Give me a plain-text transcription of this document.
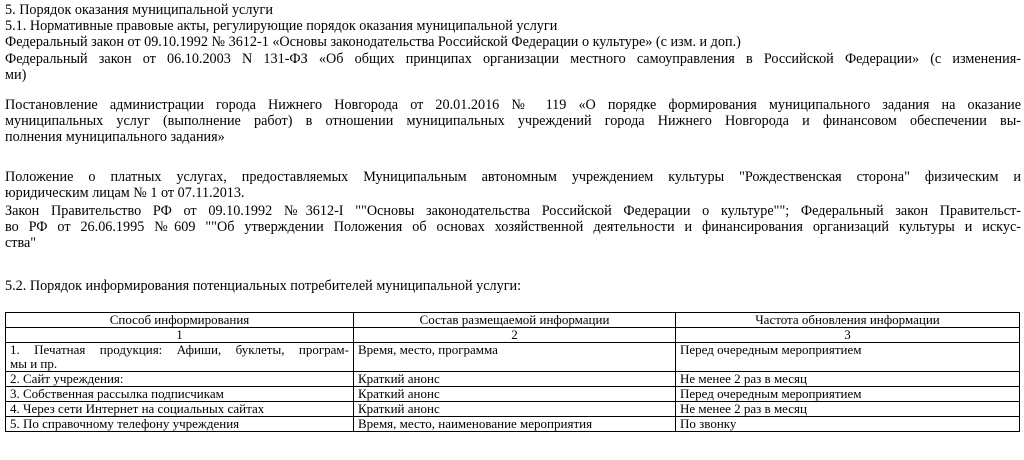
5. Порядок оказания муниципальной услуги
5.1. Нормативные правовые акты, регулирующие порядок оказания муниципальной услуги
Федеральный закон от 09.10.1992 № 3612-1 «Основы законодательства Российской Федерации о культуре» (с изм. и доп.)
Федеральный закон от 06.10.2003 N 131-ФЗ «Об общих принципах организации местного самоуправления в Российской Федерации» (с изменения-
ми)
Постановление администрации города Нижнего Новгорода от 20.01.2016 № 119 «О порядке формирования муниципального задания на оказание
муниципальных услуг (выполнение работ) в отношении муниципальных учреждений города Нижнего Новгорода и финансовом обеспечении вы-
полнения муниципального задания»
Положение о платных услугах, предоставляемых Муниципальным автономным учреждением культуры "Рождественская сторона" физическим и
юридическим лицам № 1 от 07.11.2013.
Закон Правительство РФ от 09.10.1992 №3612-I ""Основы законодательства Российской Федерации о культуре""; Федеральный закон Правительст-
во РФ от 26.06.1995 №609 ""Об утверждении Положения об основах хозяйственной деятельности и финансирования организаций культуры и искус-
ства"
5.2. Порядок информирования потенциальных потребителей муниципальной услуги:
Способ информирования	Состав размещаемой информации	Частота обновления информации
1	2	3

1. Печатная продукция: Афиши, буклеты, програм-
мы и пр.	Время, место, программа	Перед очередным мероприятием
2. Сайт учреждения:	Краткий анонс	Не менее 2 раз в месяц
3. Собственная рассылка подписчикам	Краткий анонс	Перед очередным мероприятием
4. Через сети Интернет на социальных сайтах	Краткий анонс	Не менее 2 раз в месяц
5. По справочному телефону учреждения	Время, место, наименование мероприятия	По звонку
